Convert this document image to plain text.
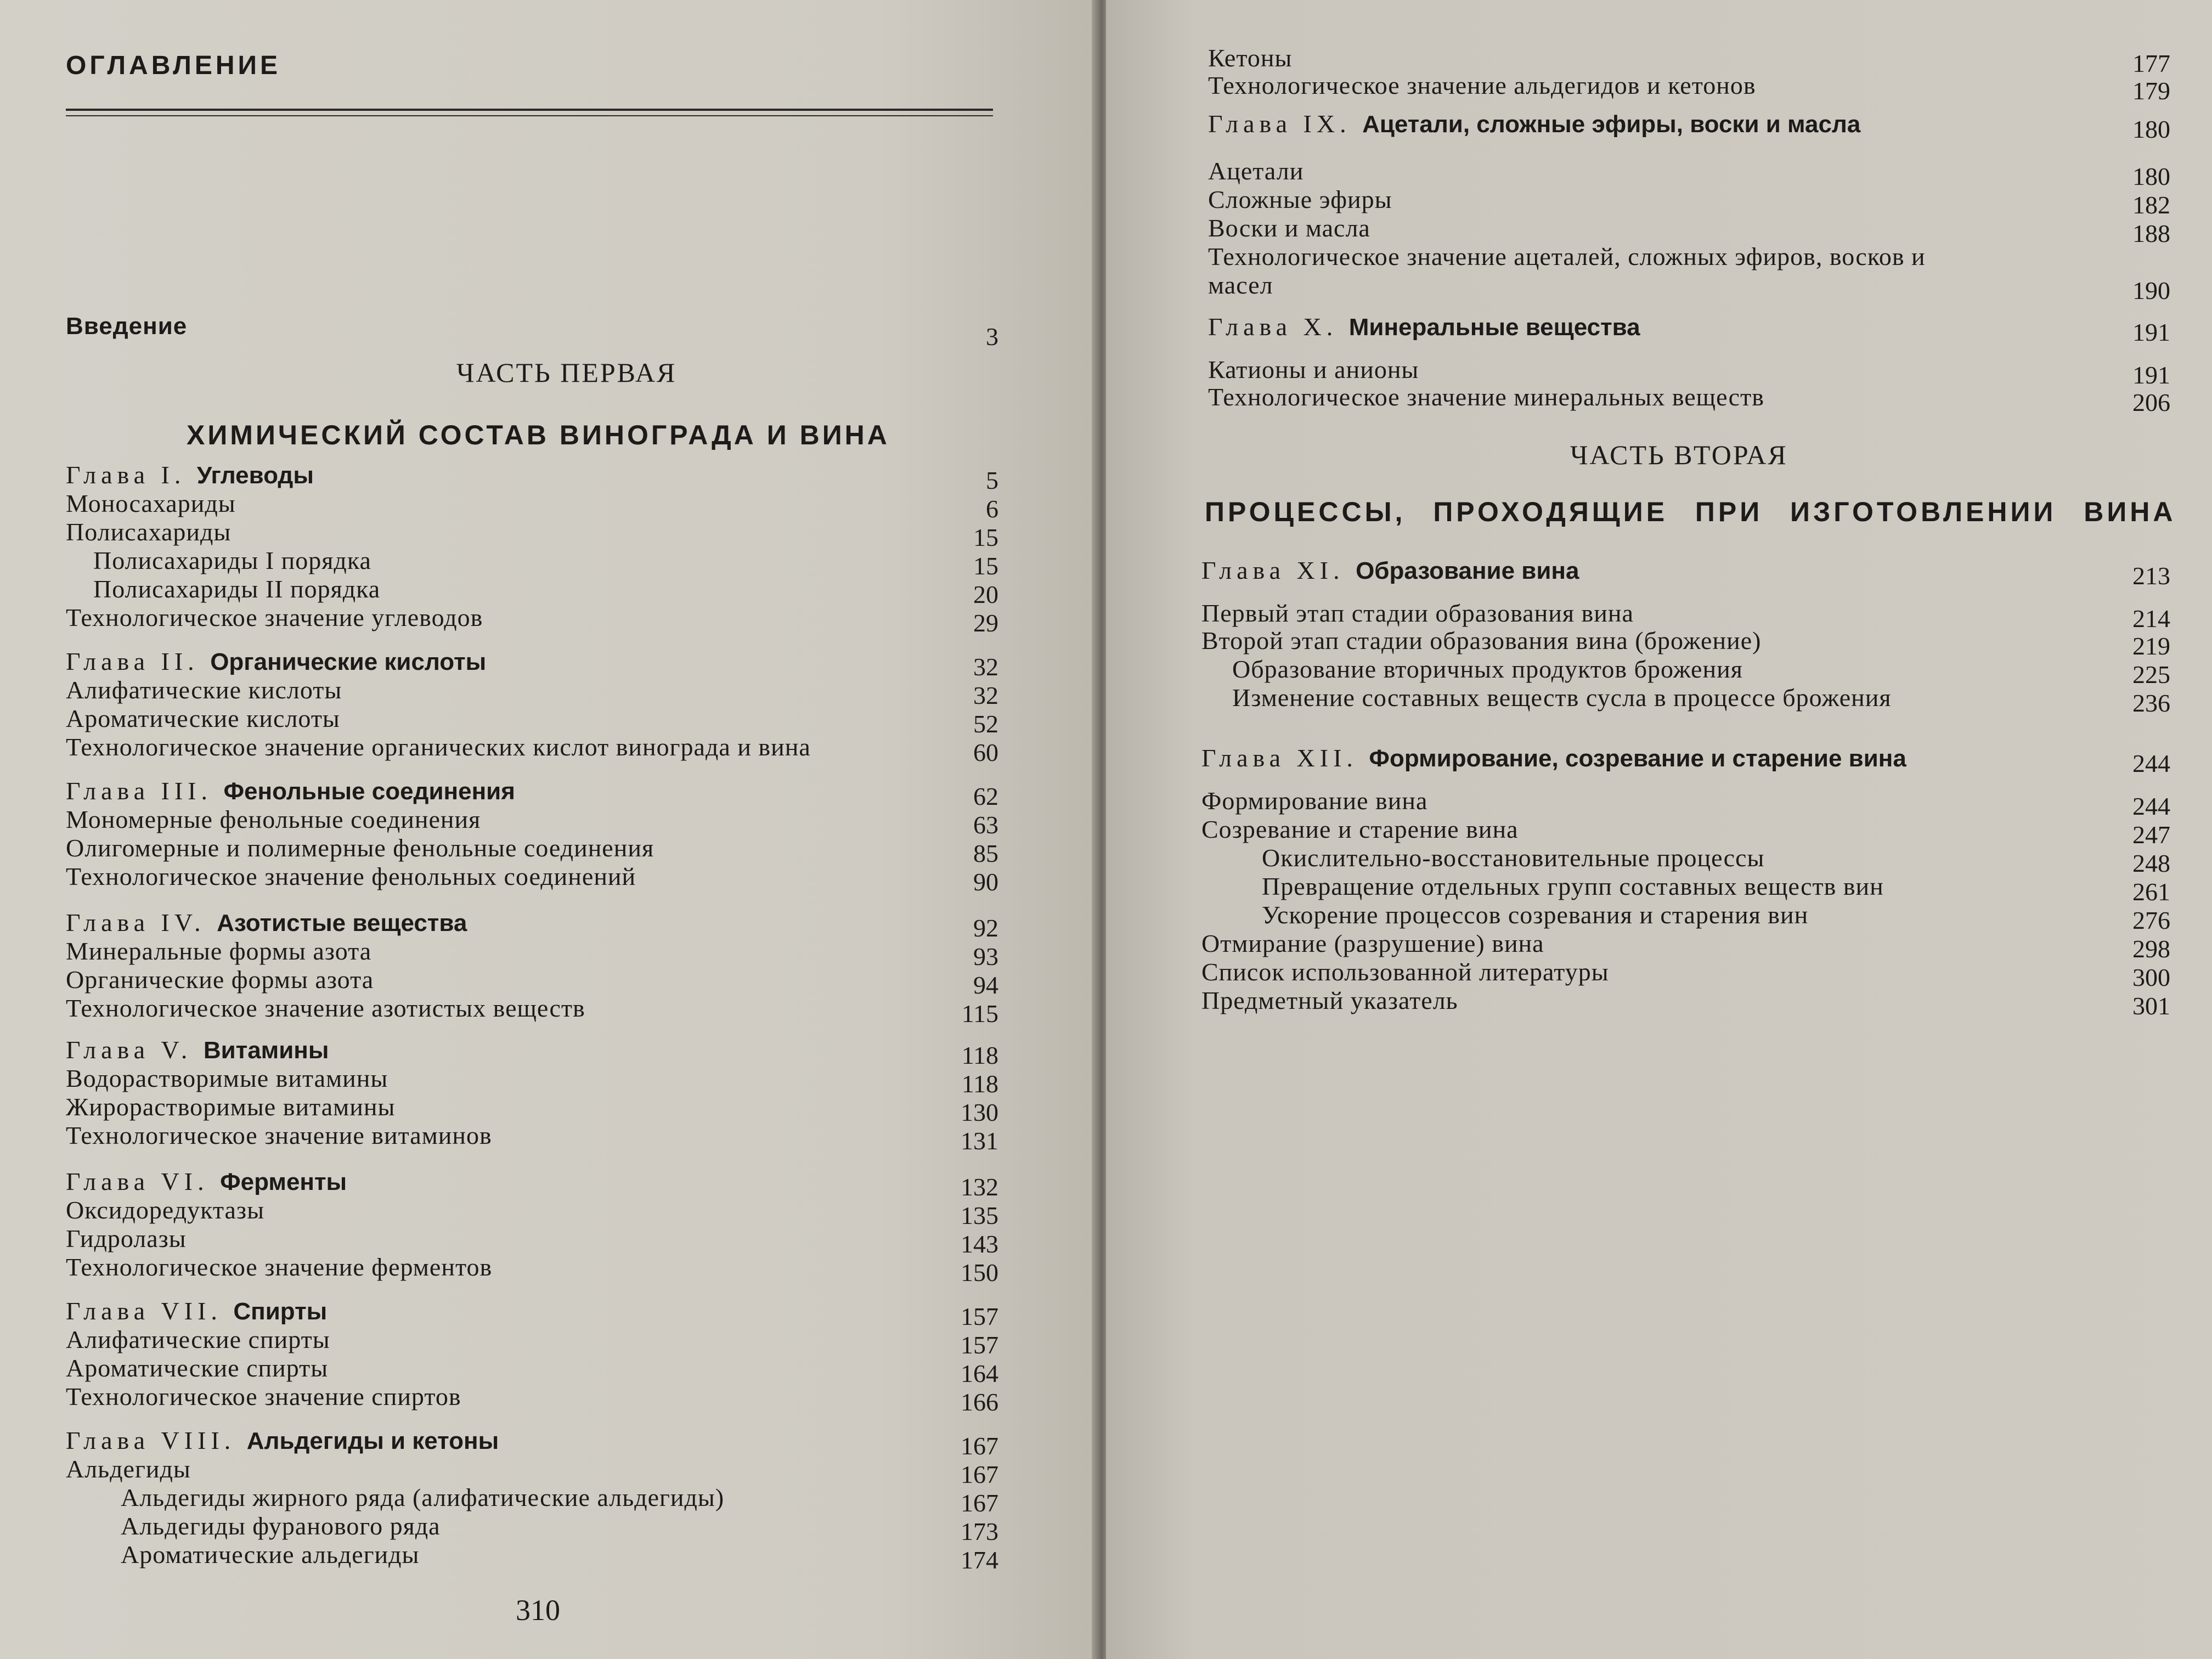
ОГЛАВЛЕНИЕ
Введение	3
ЧАСТЬ ПЕРВАЯ
ХИМИЧЕСКИЙ СОСТАВ ВИНОГРАДА И ВИНА
Глава I. Углеводы	5
Моносахариды	6
Полисахариды	15
Полисахариды I порядка	15
Полисахариды II порядка	20
Технологическое значение углеводов	29
Глава II. Органические кислоты	32
Алифатические кислоты	32
Ароматические кислоты	52
Технологическое значение органических кислот винограда и вина	60
Глава III. Фенольные соединения	62
Мономерные фенольные соединения	63
Олигомерные и полимерные фенольные соединения	85
Технологическое значение фенольных соединений	90
Глава IV. Азотистые вещества	92
Минеральные формы азота	93
Органические формы азота	94
Технологическое значение азотистых веществ	115
Глава V. Витамины	118
Водорастворимые витамины	118
Жирорастворимые витамины	130
Технологическое значение витаминов	131
Глава VI. Ферменты	132
Оксидоредуктазы	135
Гидролазы	143
Технологическое значение ферментов	150
Глава VII. Спирты	157
Алифатические спирты	157
Ароматические спирты	164
Технологическое значение спиртов	166
Глава VIII. Альдегиды и кетоны	167
Альдегиды	167
Альдегиды жирного ряда (алифатические альдегиды)	167
Альдегиды фуранового ряда	173
Ароматические альдегиды	174
310
ЧАСТЬ ВТОРАЯ
ПРОЦЕССЫ, ПРОХОДЯЩИЕ ПРИ ИЗГОТОВЛЕНИИ ВИНА
Кетоны	177
Технологическое значение альдегидов и кетонов	179
Глава IX. Ацетали, сложные эфиры, воски и масла	180
Ацетали	180
Сложные эфиры	182
Воски и масла	188
Технологическое значение ацеталей, сложных эфиров, восков и
масел	190
Глава X. Минеральные вещества	191
Катионы и анионы	191
Технологическое значение минеральных веществ	206
Глава XI. Образование вина	213
Первый этап стадии образования вина	214
Второй этап стадии образования вина (брожение)	219
Образование вторичных продуктов брожения	225
Изменение составных веществ сусла в процессе брожения	236
Глава XII. Формирование, созревание и старение вина	244
Формирование вина	244
Созревание и старение вина	247
Окислительно-восстановительные процессы	248
Превращение отдельных групп составных веществ вин	261
Ускорение процессов созревания и старения вин	276
Отмирание (разрушение) вина	298
Список использованной литературы	300
Предметный указатель	301
